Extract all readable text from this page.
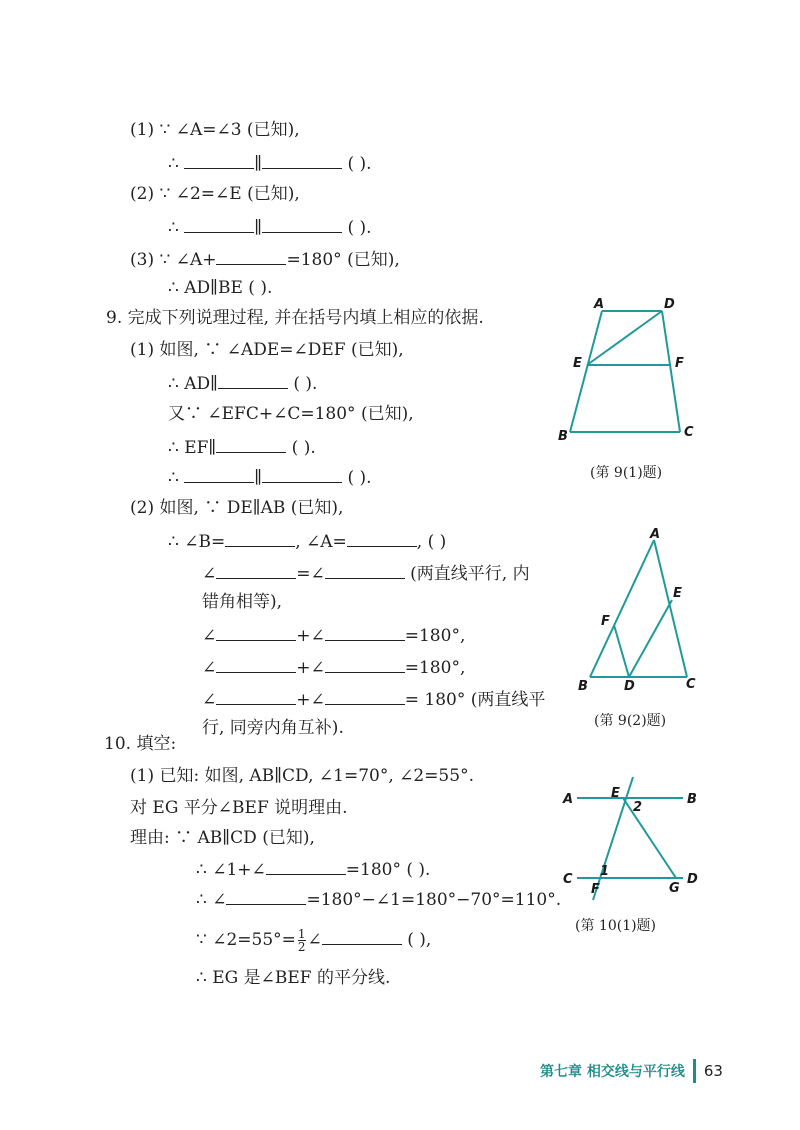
(1) ∵ ∠A=∠3 (已知),
∴	∥	( ).
(2) ∵ ∠2=∠E (已知),
∴	∥	( ).
(3) ∵ ∠A+	=180° (已知),
∴ AD∥BE ( ).
9. 完成下列说理过程, 并在括号内填上相应的依据.
(1) 如图, ∵ ∠ADE=∠DEF (已知),
∴ AD∥	( ).
又∵ ∠EFC+∠C=180° (已知),
∴ EF∥	( ).
∴	∥	( ).
(2) 如图, ∵ DE∥AB (已知),
∴ ∠B=	, ∠A=	, ( )
∠	=∠	(两直线平行, 内
错角相等),
∠	+∠	=180°,
∠	+∠	=180°,
∠	+∠	= 180° (两直线平
行, 同旁内角互补).
A	D
E	F
B	C
(第 9(1)题)
A
E
F
B	D	C
(第 9(2)题)
10. 填空:
(1) 已知: 如图, AB∥CD, ∠1=70°, ∠2=55°.
对 EG 平分∠BEF 说明理由.
理由: ∵ AB∥CD (已知),
∴ ∠1+∠	=180° ( ).
∴ ∠	=180°−∠1=180°−70°=110°.
∵ ∠2=55°= $\frac{1}{2}$ ∠	( ),
∴ EG 是∠BEF 的平分线.
A	E
2
B
C
1
F	G
D
(第 10(1)题)
第七章 相交线与平行线 63
